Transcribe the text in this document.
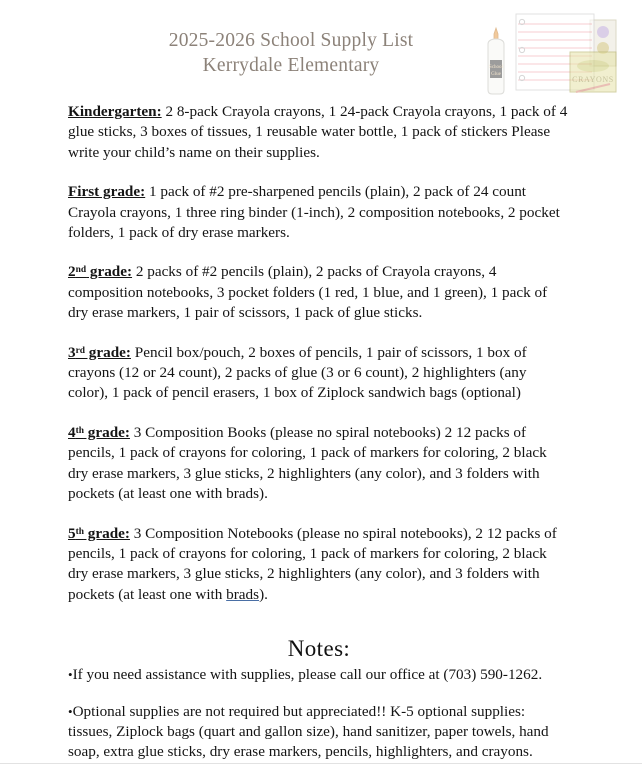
2025-2026 School Supply List
Kerrydale Elementary
CRAYONS
School
Glue

Kindergarten: 2 8-pack Crayola crayons, 1 24-pack Crayola crayons, 1 pack of 4 glue sticks, 3 boxes of tissues, 1 reusable water bottle, 1 pack of stickers Please write your child’s name on their supplies.

First grade: 1 pack of #2 pre-sharpened pencils (plain), 2 pack of 24 count Crayola crayons, 1 three ring binder (1-inch), 2 composition notebooks, 2 pocket folders, 1 pack of dry erase markers.

2nd grade: 2 packs of #2 pencils (plain), 2 packs of Crayola crayons, 4 composition notebooks, 3 pocket folders (1 red, 1 blue, and 1 green), 1 pack of dry erase markers, 1 pair of scissors, 1 pack of glue sticks.

3rd grade: Pencil box/pouch, 2 boxes of pencils, 1 pair of scissors, 1 box of crayons (12 or 24 count), 2 packs of glue (3 or 6 count), 2 highlighters (any color), 1 pack of pencil erasers, 1 box of Ziplock sandwich bags (optional)

4th grade: 3 Composition Books (please no spiral notebooks) 2 12 packs of pencils, 1 pack of crayons for coloring, 1 pack of markers for coloring, 2 black dry erase markers, 3 glue sticks, 2 highlighters (any color), and 3 folders with pockets (at least one with brads).

5th grade: 3 Composition Notebooks (please no spiral notebooks), 2 12 packs of pencils, 1 pack of crayons for coloring, 1 pack of markers for coloring, 2 black dry erase markers, 3 glue sticks, 2 highlighters (any color), and 3 folders with pockets (at least one with brads).

Notes:

•If you need assistance with supplies, please call our office at (703) 590-1262.

•Optional supplies are not required but appreciated!! K-5 optional supplies: tissues, Ziplock bags (quart and gallon size), hand sanitizer, paper towels, hand soap, extra glue sticks, dry erase markers, pencils, highlighters, and crayons.
